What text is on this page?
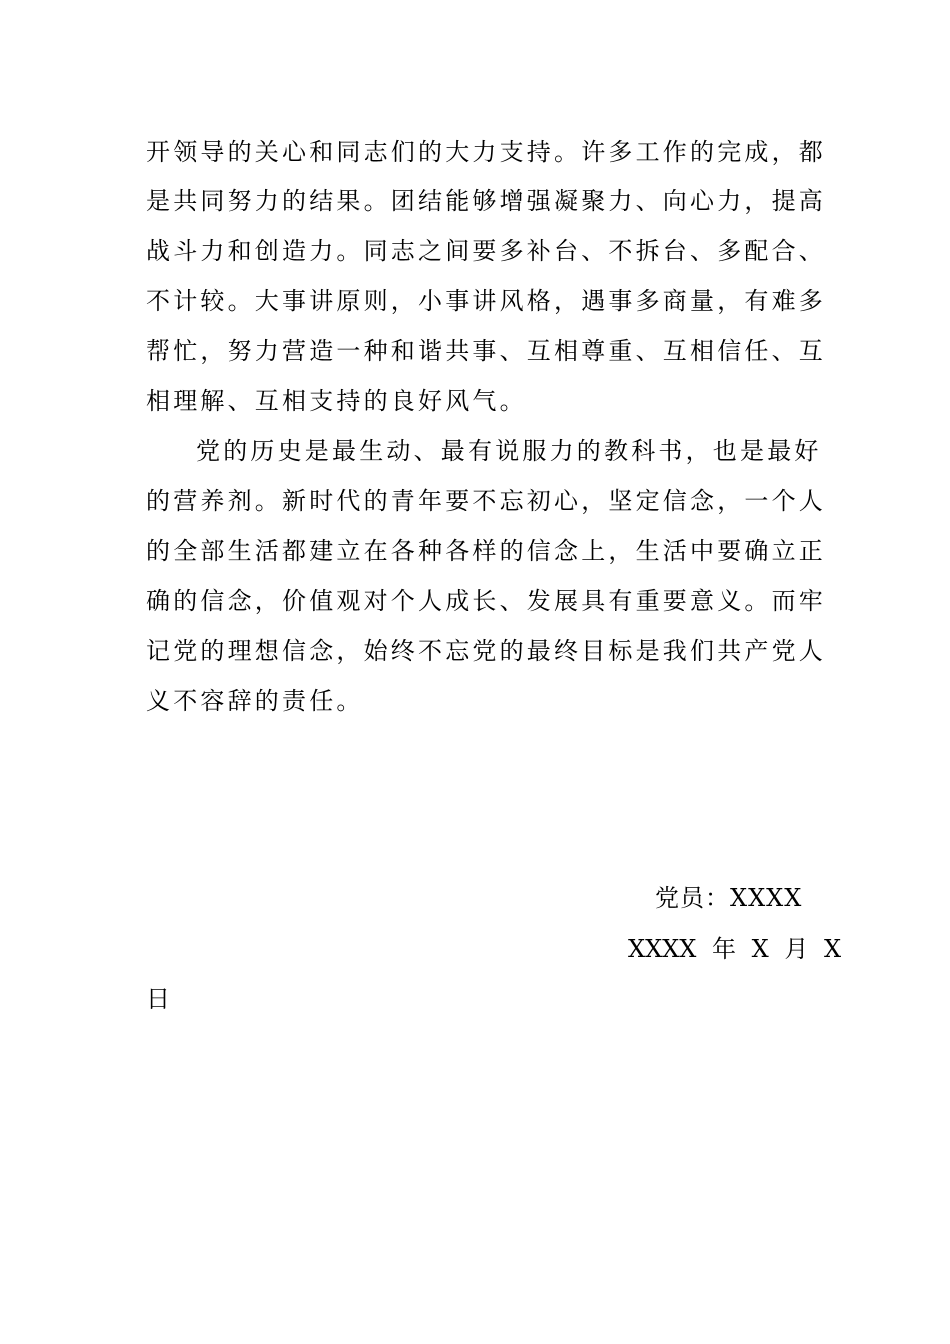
开领导的关心和同志们的大力支持。许多工作的完成，都
是共同努力的结果。团结能够增强凝聚力、向心力，提高
战斗力和创造力。同志之间要多补台、不拆台、多配合、
不计较。大事讲原则，小事讲风格，遇事多商量，有难多
帮忙，努力营造一种和谐共事、互相尊重、互相信任、互
相理解、互相支持的良好风气。
党的历史是最生动、最有说服力的教科书，也是最好
的营养剂。新时代的青年要不忘初心，坚定信念，一个人
的全部生活都建立在各种各样的信念上，生活中要确立正
确的信念，价值观对个人成长、发展具有重要意义。而牢
记党的理想信念，始终不忘党的最终目标是我们共产党人
义不容辞的责任。
党员：XXXX
XXXX 年 X 月 X
日
